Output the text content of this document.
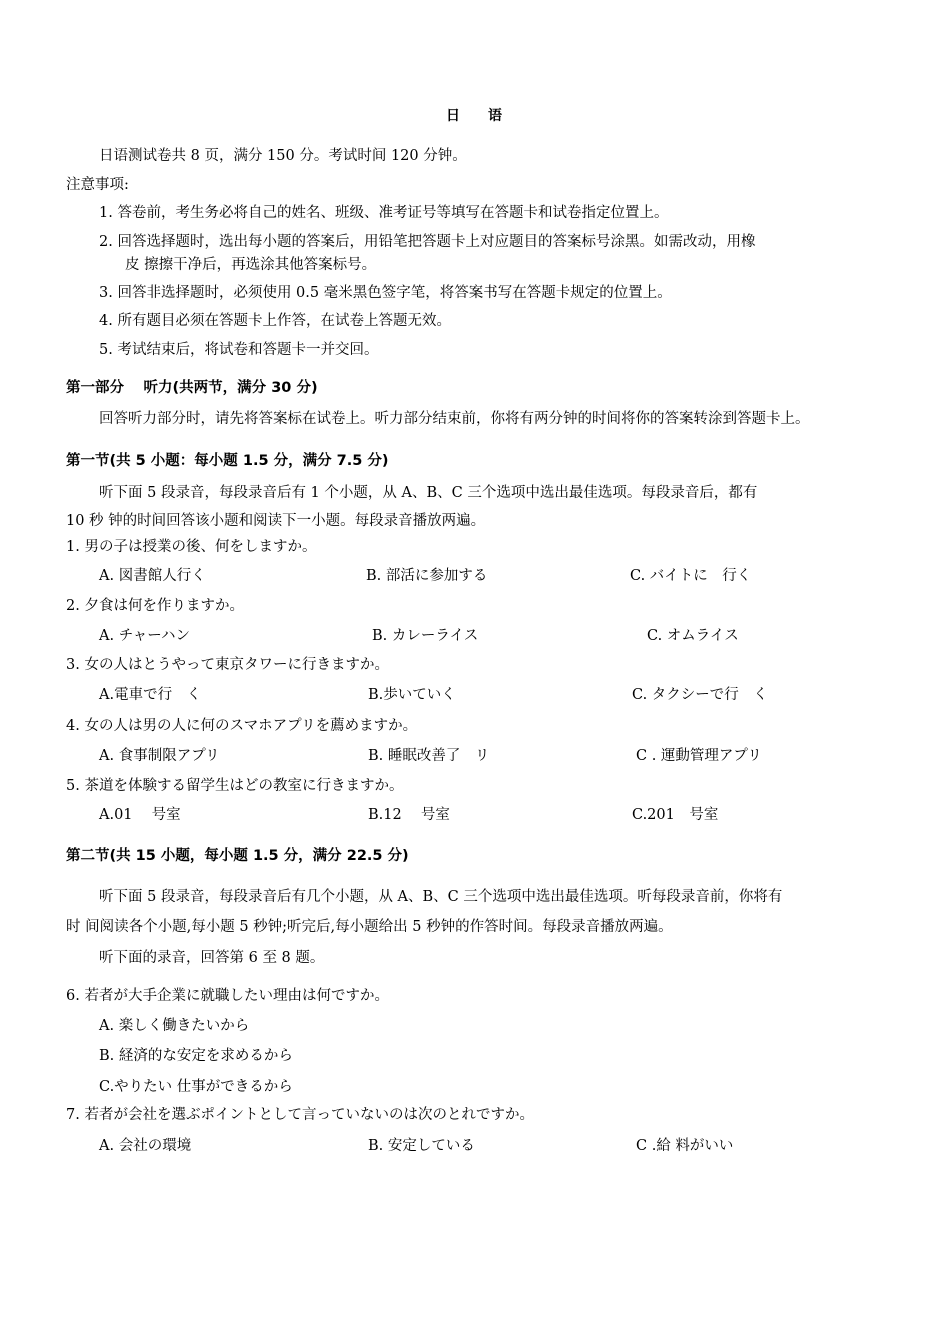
日　　语
日语测试卷共 8 页，满分 150 分。考试时间 120 分钟。
注意事项:
1. 答卷前，考生务必将自己的姓名、班级、准考证号等填写在答题卡和试卷指定位置上。
2. 回答选择题时，选出每小题的答案后，用铅笔把答题卡上对应题目的答案标号涂黑。如需改动，用橡
皮 擦擦干净后，再选涂其他答案标号。
3. 回答非选择题时，必须使用 0.5 毫米黑色签字笔，将答案书写在答题卡规定的位置上。
4. 所有题目必须在答题卡上作答，在试卷上答题无效。
5. 考试结束后，将试卷和答题卡一并交回。
第一部分　 听力(共两节，满分 30 分)
回答听力部分时，请先将答案标在试卷上。听力部分结束前，你将有两分钟的时间将你的答案转涂到答题卡上。
第一节(共 5 小题：每小题 1.5 分，满分 7.5 分)
听下面 5 段录音，每段录音后有 1 个小题，从 A、B、C 三个选项中选出最佳选项。每段录音后，都有
10 秒 钟的时间回答该小题和阅读下一小题。每段录音播放两遍。
1. 男の子は授業の後、何をしますか。
A. 図書館人行く	B. 部活に参加する	C. バイトに　行く
2. 夕食は何を作りますか。
A. チャーハン	B. カレーライス	C. オムライス
3. 女の人はとうやって東京タワーに行きますか。
A.電車で行　く	B.歩いていく	C. タクシーで行　く
4. 女の人は男の人に何のスマホアプリを薦めますか。
A. 食事制限アプリ	B. 睡眠改善了　リ	C . 運動管理アプリ
5. 茶道を体験する留学生はどの教室に行きますか。
A.01　 号室	B.12　 号室	C.201　号室
第二节(共 15 小题，每小题 1.5 分，满分 22.5 分)
听下面 5 段录音，每段录音后有几个小题，从 A、B、C 三个选项中选出最佳选项。听每段录音前，你将有
时 间阅读各个小题,每小题 5 秒钟;听完后,每小题给出 5 秒钟的作答时间。每段录音播放两遍。
听下面的录音，回答第 6 至 8 题。
6. 若者が大手企業に就職したい理由は何ですか。
A. 楽しく働きたいから
B. 経済的な安定を求めるから
C.やりたい 仕事ができるから
7. 若者が会社を選ぶポイントとして言っていないのは次のとれですか。
A. 会社の環境	B. 安定している	C .給 料がいい
